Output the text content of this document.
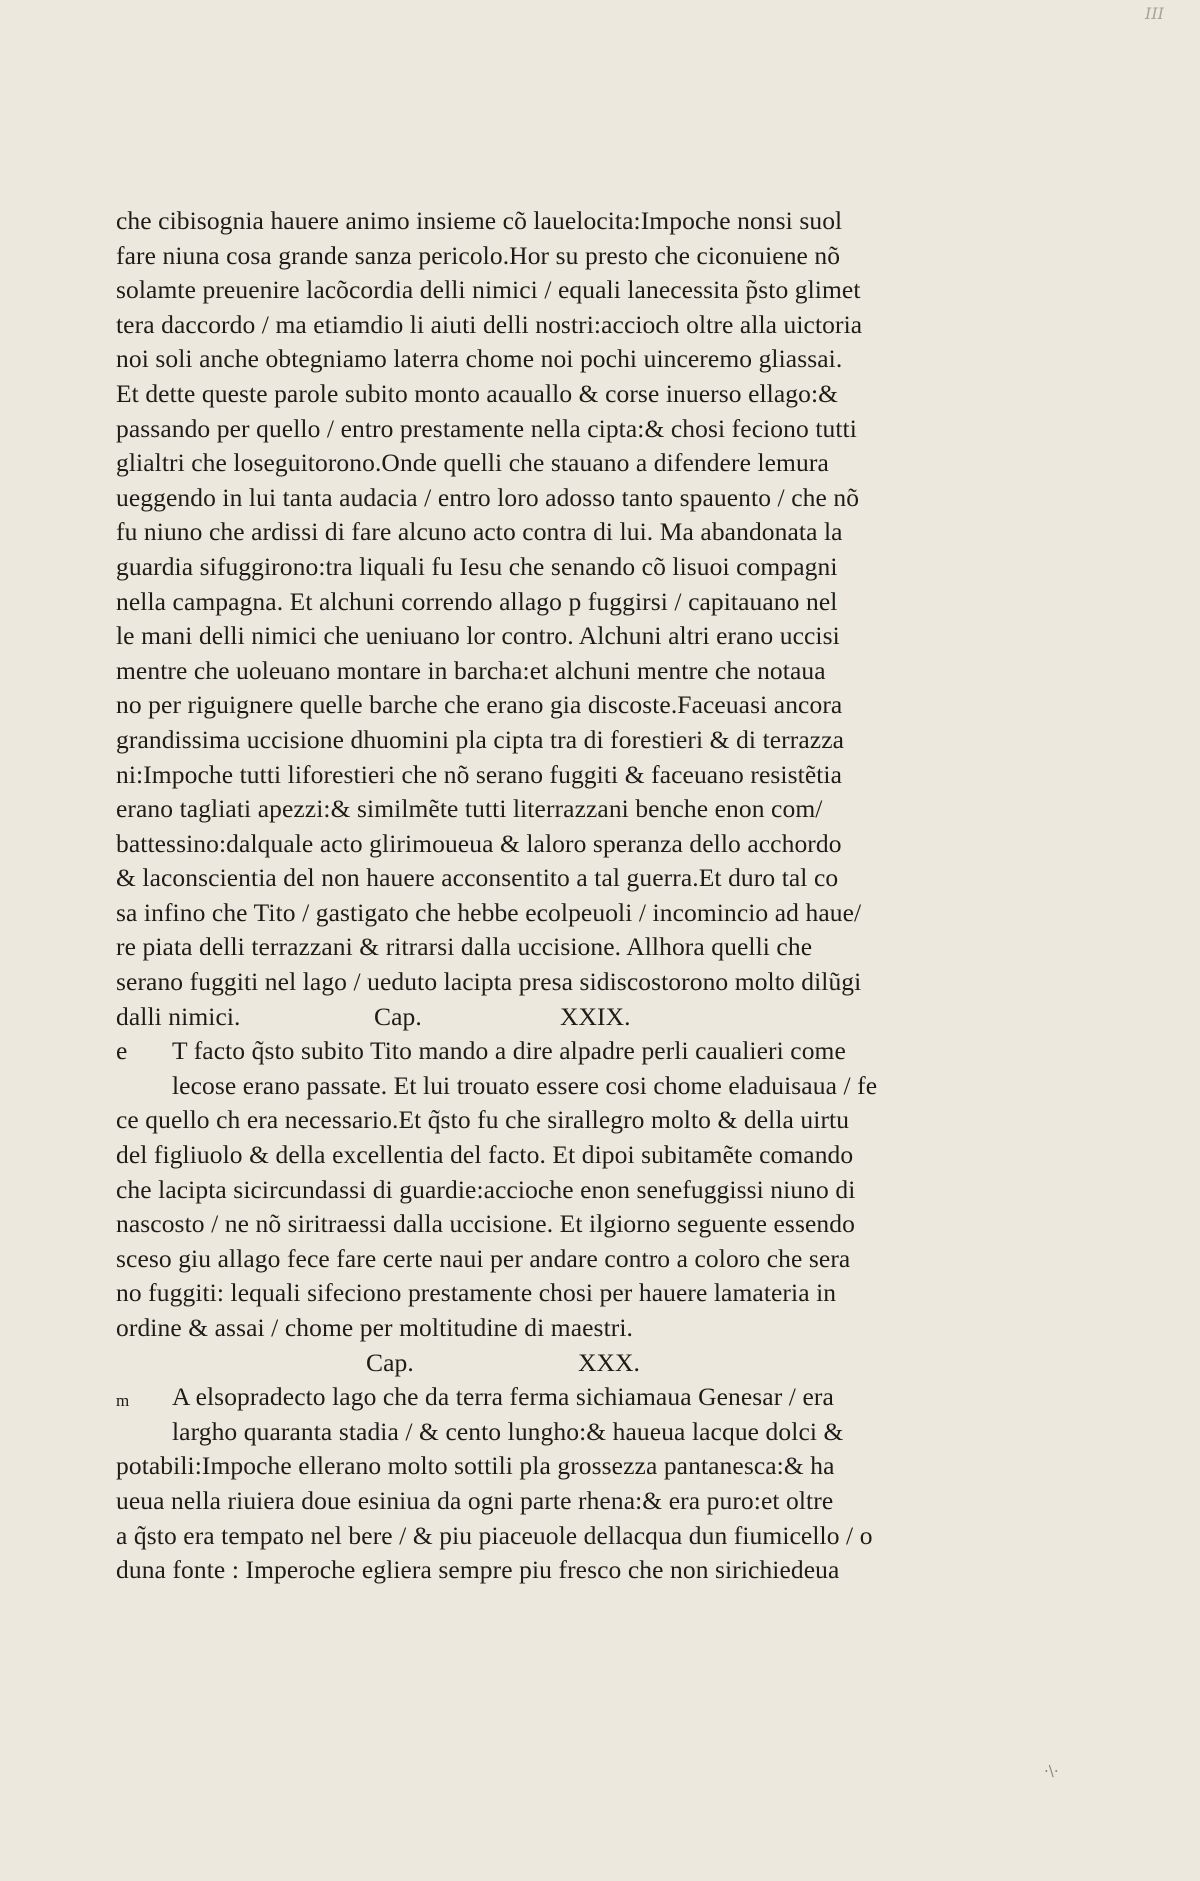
III
che cibisognia hauere animo insieme cõ lauelocita:Impoche nonsi suol
fare niuna cosa grande sanza pericolo.Hor su presto che ciconuiene nõ
solamte preuenire lacõcordia delli nimici / equali lanecessita p̃sto glimet
tera daccordo / ma etiamdio li aiuti delli nostri:accioch oltre alla uictoria
noi soli anche obtegniamo laterra chome noi pochi uinceremo gliassai.
Et dette queste parole subito monto acauallo & corse inuerso ellago:&
passando per quello / entro prestamente nella cipta:& chosi feciono tutti
glialtri che loseguitorono.Onde quelli che stauano a difendere lemura
ueggendo in lui tanta audacia / entro loro adosso tanto spauento / che nõ
fu niuno che ardissi di fare alcuno acto contra di lui. Ma abandonata la
guardia sifuggirono:tra liquali fu Iesu che senando cõ lisuoi compagni
nella campagna. Et alchuni correndo allago p fuggirsi / capitauano nel
le mani delli nimici che ueniuano lor contro. Alchuni altri erano uccisi
mentre che uoleuano montare in barcha:et alchuni mentre che notaua
no per riguignere quelle barche che erano gia discoste.Faceuasi ancora
grandissima uccisione dhuomini pla cipta tra di forestieri & di terrazza
ni:Impoche tutti liforestieri che nõ serano fuggiti & faceuano resistẽtia
erano tagliati apezzi:& similmẽte tutti literrazzani benche enon com/
battessino:dalquale acto glirimoueua & laloro speranza dello acchordo
& laconscientia del non hauere acconsentito a tal guerra.Et duro tal co
sa infino che Tito / gastigato che hebbe ecolpeuoli / incomincio ad haue/
re piata delli terrazzani & ritrarsi dalla uccisione. Allhora quelli che
serano fuggiti nel lago / ueduto lacipta presa sidiscostorono molto dilũgi
dalli nimici.	Cap.	XXIX.
e T facto q̃sto subito Tito mando a dire alpadre perli caualieri come
lecose erano passate. Et lui trouato essere cosi chome eladuisaua / fe
ce quello ch era necessario.Et q̃sto fu che sirallegro molto & della uirtu
del figliuolo & della excellentia del facto. Et dipoi subitamẽte comando
che lacipta sicircundassi di guardie:accioche enon senefuggissi niuno di
nascosto / ne nõ siritraessi dalla uccisione. Et ilgiorno seguente essendo
sceso giu allago fece fare certe naui per andare contro a coloro che sera
no fuggiti: lequali sifeciono prestamente chosi per hauere lamateria in
ordine & assai / chome per moltitudine di maestri.
Cap.	XXX.
m A elsopradecto lago che da terra ferma sichiamaua Genesar / era
largho quaranta stadia / & cento lungho:& haueua lacque dolci &
potabili:Impoche ellerano molto sottili pla grossezza pantanesca:& ha
ueua nella riuiera doue esiniua da ogni parte rhena:& era puro:et oltre
a q̃sto era tempato nel bere / & piu piaceuole dellacqua dun fiumicello / o
duna fonte : Imperoche egliera sempre piu fresco che non sirichiedeua
·\·
